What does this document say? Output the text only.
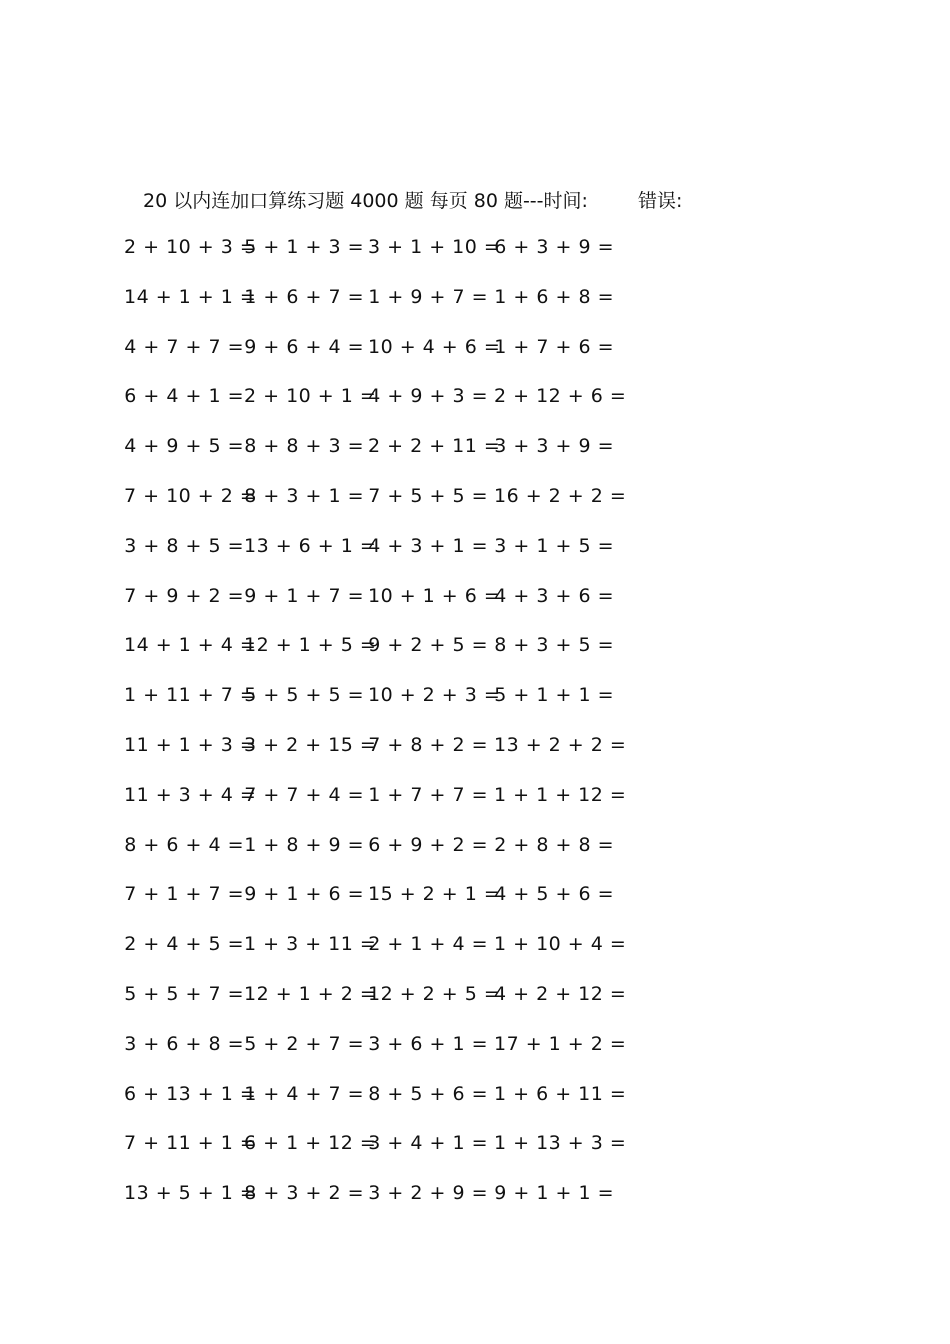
20 以内连加口算练习题 4000 题 每页 80 题---时间:	错误:
2 + 10 + 3 =
5 + 1 + 3 = 3 + 1 + 10 =
6 + 3 + 9 =
14 + 1 + 1 =
1 + 6 + 7 = 1 + 9 + 7 = 1 + 6 + 8 =
4 + 7 + 7 = 9 + 6 + 4 = 10 + 4 + 6 =
1 + 7 + 6 =
6 + 4 + 1 = 2 + 10 + 1 =
4 + 9 + 3 = 2 + 12 + 6 =
4 + 9 + 5 = 8 + 8 + 3 = 2 + 2 + 11 =
3 + 3 + 9 =
7 + 10 + 2 =
8 + 3 + 1 = 7 + 5 + 5 = 16 + 2 + 2 =
3 + 8 + 5 = 13 + 6 + 1 =
4 + 3 + 1 = 3 + 1 + 5 =
7 + 9 + 2 = 9 + 1 + 7 = 10 + 1 + 6 =
4 + 3 + 6 =
14 + 1 + 4 =
12 + 1 + 5 =
9 + 2 + 5 = 8 + 3 + 5 =
1 + 11 + 7 =
5 + 5 + 5 = 10 + 2 + 3 =
5 + 1 + 1 =
11 + 1 + 3 =
3 + 2 + 15 =
7 + 8 + 2 = 13 + 2 + 2 =
11 + 3 + 4 =
7 + 7 + 4 = 1 + 7 + 7 = 1 + 1 + 12 =
8 + 6 + 4 = 1 + 8 + 9 = 6 + 9 + 2 = 2 + 8 + 8 =
7 + 1 + 7 = 9 + 1 + 6 = 15 + 2 + 1 =
4 + 5 + 6 =
2 + 4 + 5 = 1 + 3 + 11 =
2 + 1 + 4 = 1 + 10 + 4 =
5 + 5 + 7 = 12 + 1 + 2 =
12 + 2 + 5 =
4 + 2 + 12 =
3 + 6 + 8 = 5 + 2 + 7 = 3 + 6 + 1 = 17 + 1 + 2 =
6 + 13 + 1 =
1 + 4 + 7 = 8 + 5 + 6 = 1 + 6 + 11 =
7 + 11 + 1 =
6 + 1 + 12 =
3 + 4 + 1 = 1 + 13 + 3 =
13 + 5 + 1 =
8 + 3 + 2 = 3 + 2 + 9 = 9 + 1 + 1 =
